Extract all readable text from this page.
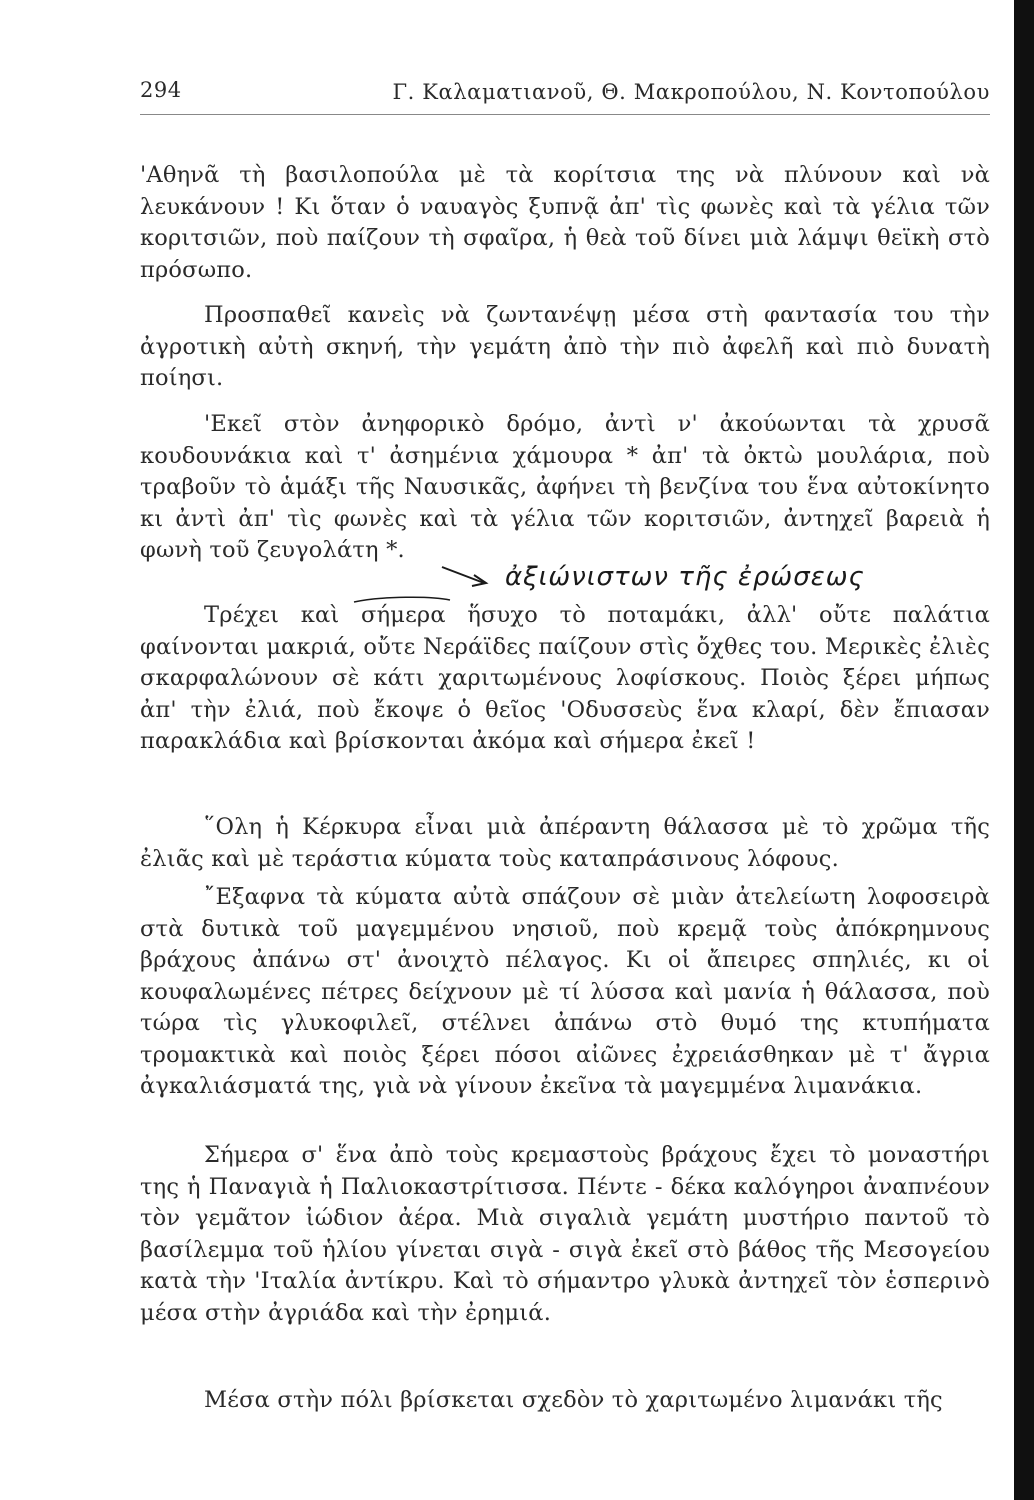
294	Γ. Καλαματιανοῦ, Θ. Μακροπούλου, Ν. Κοντοπούλου

'Αθηνᾶ τὴ βασιλοπούλα μὲ τὰ κορίτσια της νὰ πλύνουν καὶ νὰ λευκάνουν ! Κι ὅταν ὁ ναυαγὸς ξυπνᾷ ἀπ' τὶς φωνὲς καὶ τὰ γέλια τῶν κοριτσιῶν, ποὺ παίζουν τὴ σφαῖρα, ἡ θεὰ τοῦ δίνει μιὰ λάμψι θεϊκὴ στὸ πρόσωπο.

Προσπαθεῖ κανεὶς νὰ ζωντανέψῃ μέσα στὴ φαντασία του τὴν ἀγροτικὴ αὐτὴ σκηνή, τὴν γεμάτη ἀπὸ τὴν πιὸ ἀφελῆ καὶ πιὸ δυνατὴ ποίησι.

'Εκεῖ στὸν ἀνηφορικὸ δρόμο, ἀντὶ ν' ἀκούωνται τὰ χρυσᾶ κουδουνάκια καὶ τ' ἀσημένια χάμουρα * ἀπ' τὰ ὀκτὼ μουλάρια, ποὺ τραβοῦν τὸ ἁμάξι τῆς Ναυσικᾶς, ἀφήνει τὴ βενζίνα του ἕνα αὐτοκίνητο κι ἀντὶ ἀπ' τὶς φωνὲς καὶ τὰ γέλια τῶν κοριτσιῶν, ἀντηχεῖ βαρειὰ ἡ φωνὴ τοῦ ζευγολάτη *.

ἀξιώνιστων τῆς ἐρώσεως

Τρέχει καὶ σήμερα ἥσυχο τὸ ποταμάκι, ἀλλ' οὔτε παλάτια φαίνονται μακριά, οὔτε Νεράϊδες παίζουν στὶς ὄχθες του. Μερικὲς ἐλιὲς σκαρφαλώνουν σὲ κάτι χαριτωμένους λοφίσκους. Ποιὸς ξέρει μήπως ἀπ' τὴν ἐλιά, ποὺ ἔκοψε ὁ θεῖος 'Οδυσσεὺς ἕνα κλαρί, δὲν ἔπιασαν παρακλάδια καὶ βρίσκονται ἀκόμα καὶ σήμερα ἐκεῖ !

῞Ολη ἡ Κέρκυρα εἶναι μιὰ ἀπέραντη θάλασσα μὲ τὸ χρῶμα τῆς ἐλιᾶς καὶ μὲ τεράστια κύματα τοὺς καταπράσινους λόφους.

῎Εξαφνα τὰ κύματα αὐτὰ σπάζουν σὲ μιὰν ἀτελείωτη λοφοσειρὰ στὰ δυτικὰ τοῦ μαγεμμένου νησιοῦ, ποὺ κρεμᾷ τοὺς ἀπόκρημνους βράχους ἀπάνω στ' ἀνοιχτὸ πέλαγος. Κι οἱ ἄπειρες σπηλιές, κι οἱ κουφαλωμένες πέτρες δείχνουν μὲ τί λύσσα καὶ μανία ἡ θάλασσα, ποὺ τώρα τὶς γλυκοφιλεῖ, στέλνει ἀπάνω στὸ θυμό της κτυπήματα τρομακτικὰ καὶ ποιὸς ξέρει πόσοι αἰῶνες ἐχρειάσθηκαν μὲ τ' ἄγρια ἀγκαλιάσματά της, γιὰ νὰ γίνουν ἐκεῖνα τὰ μαγεμμένα λιμανάκια.

Σήμερα σ' ἕνα ἀπὸ τοὺς κρεμαστοὺς βράχους ἔχει τὸ μοναστήρι της ἡ Παναγιὰ ἡ Παλιοκαστρίτισσα. Πέντε - δέκα καλόγηροι ἀναπνέουν τὸν γεμᾶτον ἰώδιον ἀέρα. Μιὰ σιγαλιὰ γεμάτη μυστήριο παντοῦ τὸ βασίλεμμα τοῦ ἡλίου γίνεται σιγὰ - σιγὰ ἐκεῖ στὸ βάθος τῆς Μεσογείου κατὰ τὴν 'Ιταλία ἀντίκρυ. Καὶ τὸ σήμαντρο γλυκὰ ἀντηχεῖ τὸν ἑσπερινὸ μέσα στὴν ἀγριάδα καὶ τὴν ἐρημιά.

Μέσα στὴν πόλι βρίσκεται σχεδὸν τὸ χαριτωμένο λιμανάκι τῆς
